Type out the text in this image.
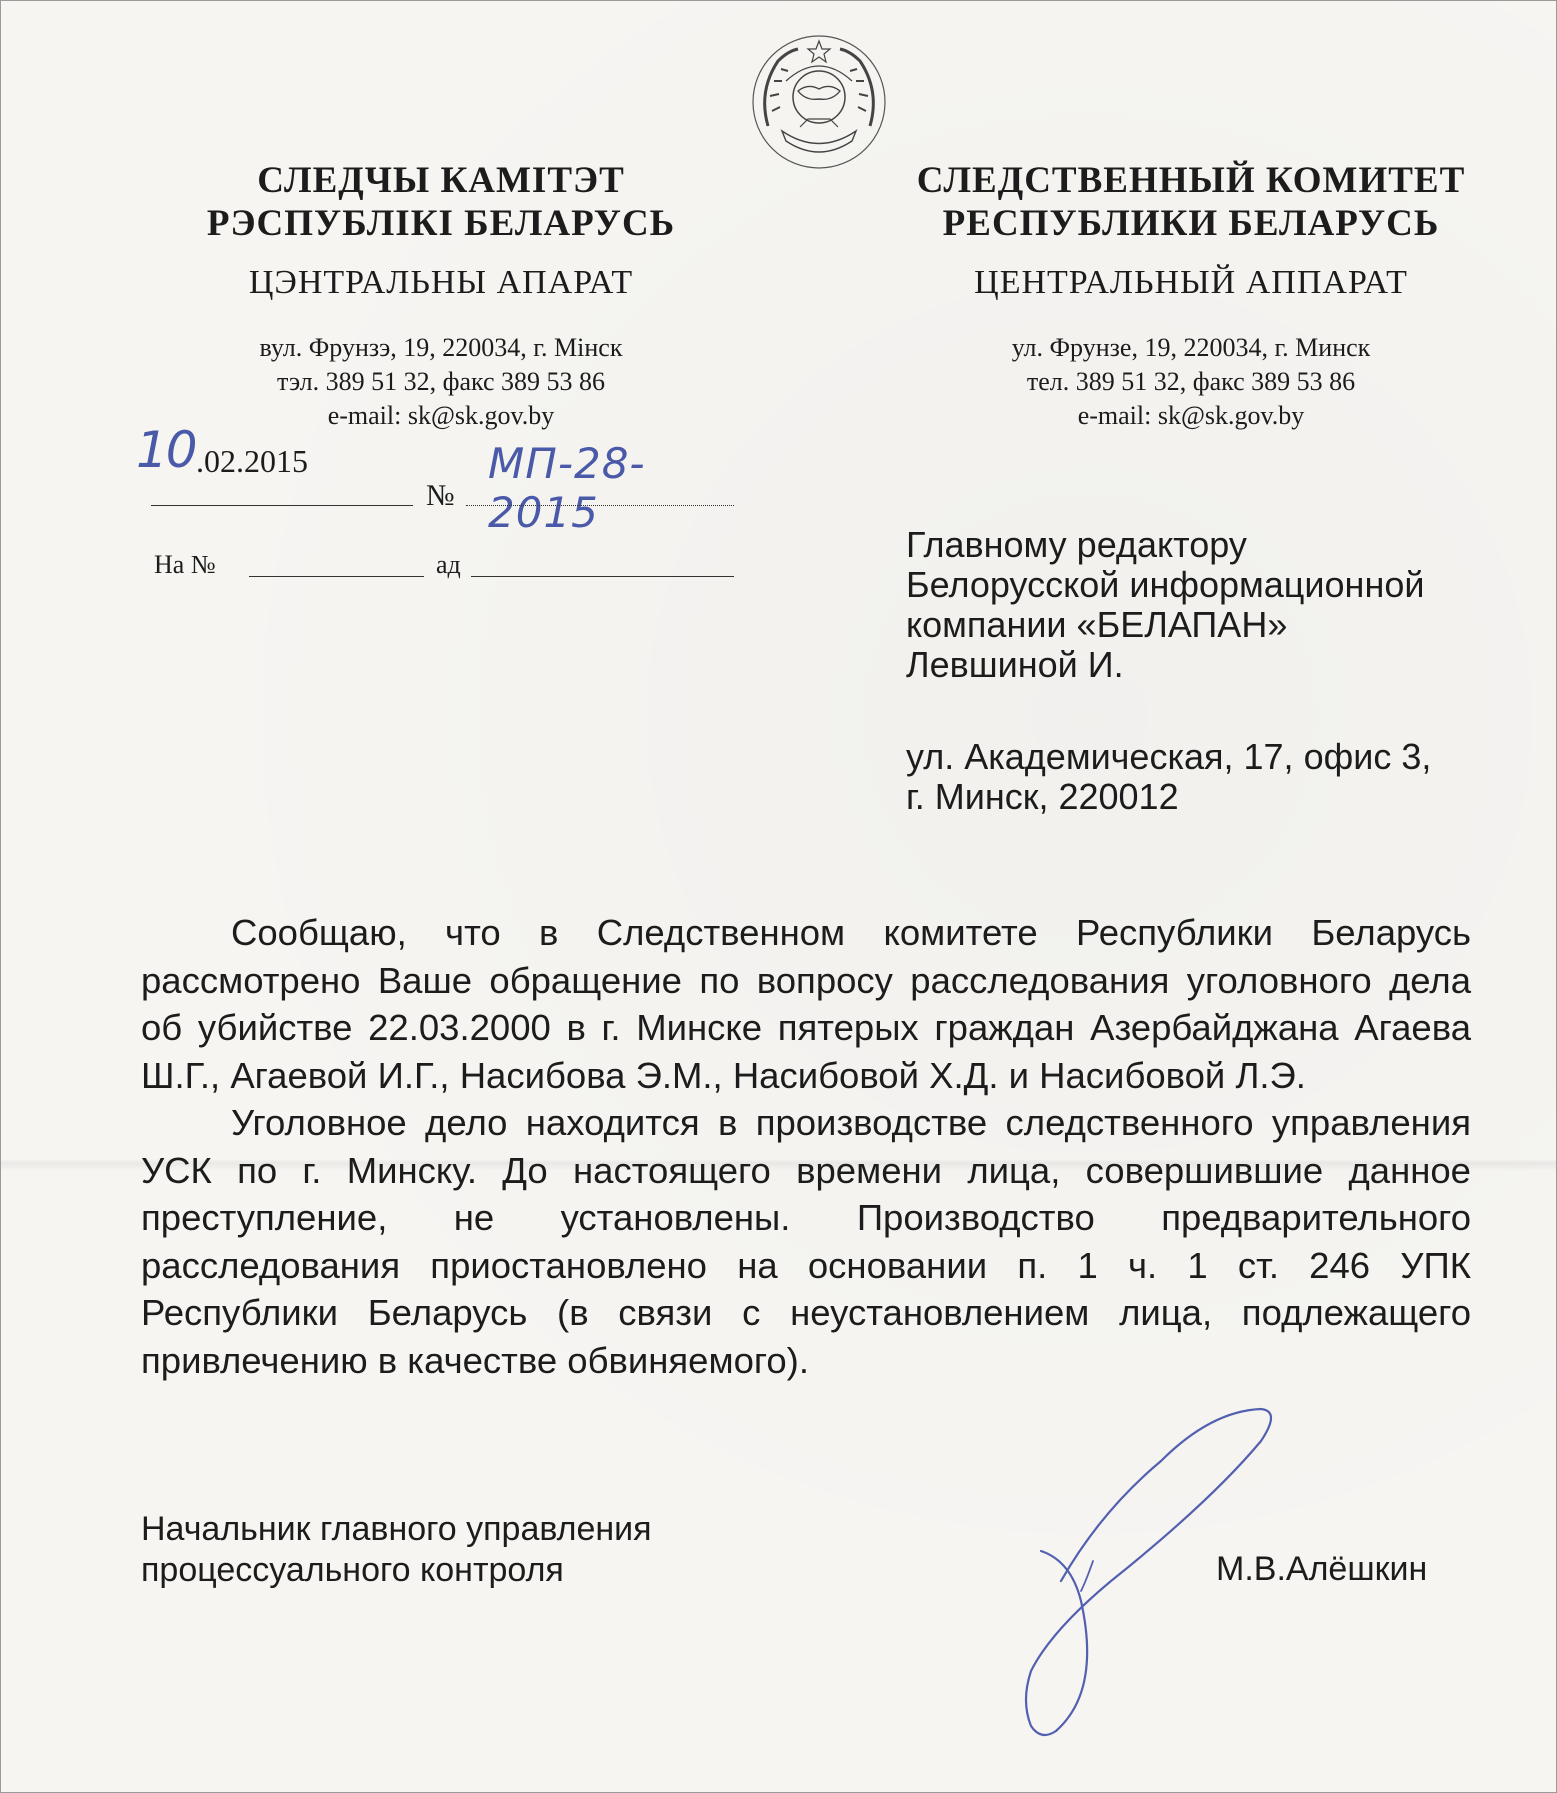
СЛЕДЧЫ КАМІТЭТ
РЭСПУБЛІКІ БЕЛАРУСЬ
ЦЭНТРАЛЬНЫ АПАРАТ
вул. Фрунзэ, 19, 220034, г. Мінск
тэл. 389 51 32, факс 389 53 86
e-mail: sk@sk.gov.by
СЛЕДСТВЕННЫЙ КОМИТЕТ
РЕСПУБЛИКИ БЕЛАРУСЬ
ЦЕНТРАЛЬНЫЙ АППАРАТ
ул. Фрунзе, 19, 220034, г. Минск
тел. 389 51 32, факс 389 53 86
e-mail: sk@sk.gov.by
10 .02.2015
№
МП-28-2015
На №	ад	Главному редактору
Белорусской информационной
компании «БЕЛАПАН»
Левшиной И.
ул. Академическая, 17, офис 3,
г. Минск, 220012

Сообщаю, что в Следственном комитете Республики Беларусь рассмотрено Ваше обращение по вопросу расследования уголовного дела об убийстве 22.03.2000 в г. Минске пятерых граждан Азербайджана Агаева Ш.Г., Агаевой И.Г., Насибова Э.М., Насибовой Х.Д. и Насибовой Л.Э.

Уголовное дело находится в производстве следственного управления УСК по г. Минску. До настоящего времени лица, совершившие данное преступление, не установлены. Производство предварительного расследования приостановлено на основании п. 1 ч. 1 ст. 246 УПК Республики Беларусь (в связи с неустановлением лица, подлежащего привлечению в качестве обвиняемого).

Начальник главного управления
процессуального контроля	М.В.Алёшкин
